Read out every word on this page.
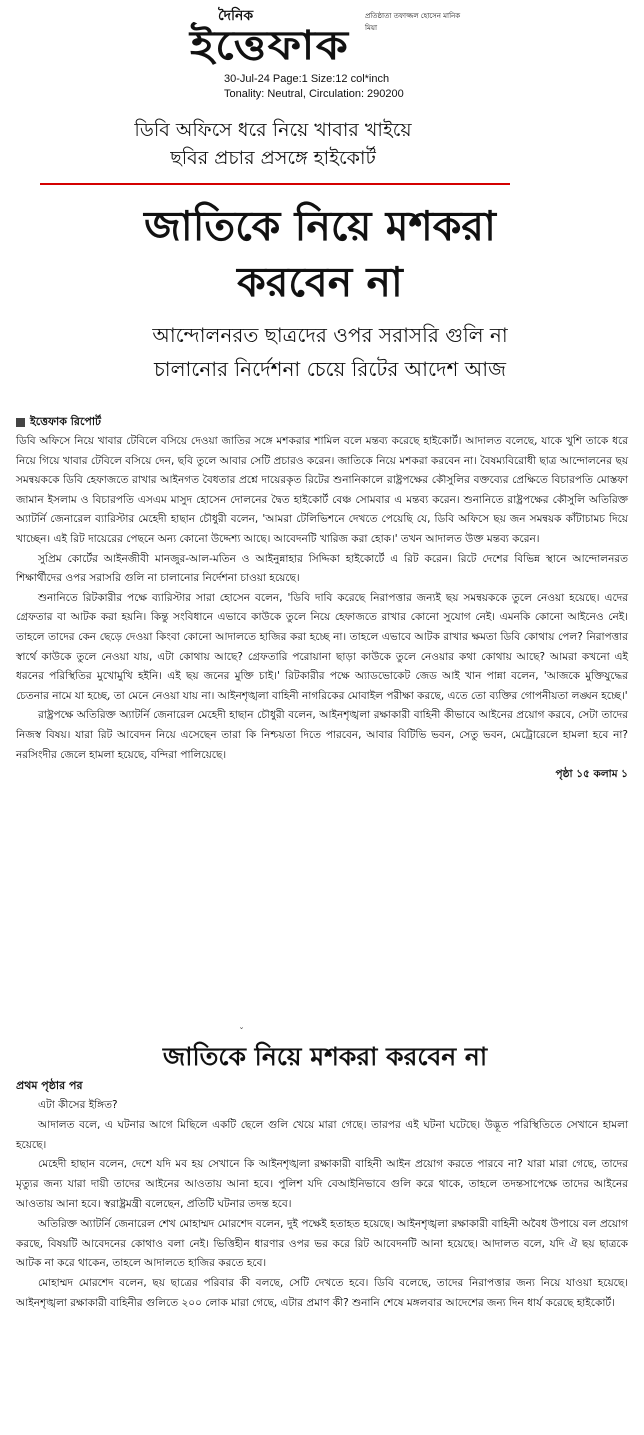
দৈনিক
ইত্তেফাক
প্রতিষ্ঠাতা তফাজ্জল হোসেন মানিক মিয়া
30-Jul-24 Page:1 Size:12 col*inch
Tonality: Neutral, Circulation: 290200
ডিবি অফিসে ধরে নিয়ে খাবার খাইয়ে
ছবির প্রচার প্রসঙ্গে হাইকোর্ট
জাতিকে নিয়ে মশকরা
করবেন না
আন্দোলনরত ছাত্রদের ওপর সরাসরি গুলি না
চালানোর নির্দেশনা চেয়ে রিটের আদেশ আজ
ইত্তেফাক রিপোর্ট

ডিবি অফিসে নিয়ে খাবার টেবিলে বসিয়ে দেওয়া জাতির সঙ্গে মশকরার শামিল বলে মন্তব্য করেছে হাইকোর্ট। আদালত বলেছে, যাকে খুশি তাকে ধরে নিয়ে গিয়ে খাবার টেবিলে বসিয়ে দেন, ছবি তুলে আবার সেটি প্রচারও করেন। জাতিকে নিয়ে মশকরা করবেন না। বৈষম্যবিরোধী ছাত্র আন্দোলনের ছয় সমন্বয়ককে ডিবি হেফাজতে রাখার আইনগত বৈধতার প্রশ্নে দায়েরকৃত রিটের শুনানিকালে রাষ্ট্রপক্ষের কৌসুলির বক্তব্যের প্রেক্ষিতে বিচারপতি মোস্তফা জামান ইসলাম ও বিচারপতি এসএম মাসুদ হোসেন দোলনের দ্বৈত হাইকোর্ট বেঞ্চ সোমবার এ মন্তব্য করেন। শুনানিতে রাষ্ট্রপক্ষের কৌসুলি অতিরিক্ত অ্যাটর্নি জেনারেল ব্যারিস্টার মেহেদী হাছান চৌধুরী বলেন, 'আমরা টেলিভিশনে দেখতে পেয়েছি যে, ডিবি অফিসে ছয় জন সমন্বয়ক কাঁটাচামচ দিয়ে খাচ্ছেন। এই রিট দায়েরের পেছনে অন্য কোনো উদ্দেশ্য আছে। আবেদনটি খারিজ করা হোক।' তখন আদালত উক্ত মন্তব্য করেন।

সুপ্রিম কোর্টের আইনজীবী মানজুর-আল-মতিন ও আইনুন্নাহার সিদ্দিকা হাইকোর্টে এ রিট করেন। রিটে দেশের বিভিন্ন স্থানে আন্দোলনরত শিক্ষার্থীদের ওপর সরাসরি গুলি না চালানোর নির্দেশনা চাওয়া হয়েছে।

শুনানিতে রিটকারীর পক্ষে ব্যারিস্টার সারা হোসেন বলেন, 'ডিবি দাবি করেছে নিরাপত্তার জন্যই ছয় সমন্বয়ককে তুলে নেওয়া হয়েছে। এদের গ্রেফতার বা আটক করা হয়নি। কিন্তু সংবিধানে এভাবে কাউকে তুলে নিয়ে হেফাজতে রাখার কোনো সুযোগ নেই। এমনকি কোনো আইনেও নেই। তাহলে তাদের কেন ছেড়ে দেওয়া কিংবা কোনো আদালতে হাজির করা হচ্ছে না। তাহলে এভাবে আটক রাখার ক্ষমতা ডিবি কোথায় পেল? নিরাপত্তার স্বার্থে কাউকে তুলে নেওয়া যায়, এটা কোথায় আছে? গ্রেফতারি পরোয়ানা ছাড়া কাউকে তুলে নেওয়ার কথা কোথায় আছে? আমরা কখনো এই ধরনের পরিস্থিতির মুখোমুখি হইনি। এই ছয় জনের মুক্তি চাই।' রিটকারীর পক্ষে অ্যাডভোকেট জেড আই খান পান্না বলেন, 'আজকে মুক্তিযুদ্ধের চেতনার নামে যা হচ্ছে, তা মেনে নেওয়া যায় না। আইনশৃঙ্খলা বাহিনী নাগরিকের মোবাইল পরীক্ষা করছে, এতে তো ব্যক্তির গোপনীয়তা লঙ্ঘন হচ্ছে।'

রাষ্ট্রপক্ষে অতিরিক্ত অ্যাটর্নি জেনারেল মেহেদী হাছান চৌধুরী বলেন, আইনশৃঙ্খলা রক্ষাকারী বাহিনী কীভাবে আইনের প্রয়োগ করবে, সেটা তাদের নিজস্ব বিষয়। যারা রিট আবেদন নিয়ে এসেছেন তারা কি নিশ্চয়তা দিতে পারবেন, আবার বিটিভি ভবন, সেতু ভবন, মেট্রোরেলে হামলা হবে না? নরসিংদীর জেলে হামলা হয়েছে, বন্দিরা পালিয়েছে।

পৃষ্ঠা ১৫ কলাম ১

ˇ
জাতিকে নিয়ে মশকরা করবেন না
প্রথম পৃষ্ঠার পর

এটা কীসের ইঙ্গিত?

আদালত বলে, এ ঘটনার আগে মিছিলে একটি ছেলে গুলি খেয়ে মারা গেছে। তারপর এই ঘটনা ঘটেছে। উদ্ভূত পরিস্থিতিতে সেখানে হামলা হয়েছে।

মেহেদী হাছান বলেন, দেশে যদি মব হয় সেখানে কি আইনশৃঙ্খলা রক্ষাকারী বাহিনী আইন প্রয়োগ করতে পারবে না? যারা মারা গেছে, তাদের মৃত্যুর জন্য যারা দায়ী তাদের আইনের আওতায় আনা হবে। পুলিশ যদি বেআইনিভাবে গুলি করে থাকে, তাহলে তদন্তসাপেক্ষে তাদের আইনের আওতায় আনা হবে। স্বরাষ্ট্রমন্ত্রী বলেছেন, প্রতিটি ঘটনার তদন্ত হবে।

অতিরিক্ত অ্যাটর্নি জেনারেল শেখ মোহাম্মদ মোরশেদ বলেন, দুই পক্ষেই হতাহত হয়েছে। আইনশৃঙ্খলা রক্ষাকারী বাহিনী অবৈধ উপায়ে বল প্রয়োগ করছে, বিষয়টি আবেদনের কোথাও বলা নেই। ভিত্তিহীন ধারণার ওপর ভর করে রিট আবেদনটি আনা হয়েছে। আদালত বলে, যদি ঐ ছয় ছাত্রকে আটক না করে থাকেন, তাহলে আদালতে হাজির করতে হবে।

মোহাম্মদ মোরশেদ বলেন, ছয় ছাত্রের পরিবার কী বলছে, সেটি দেখতে হবে। ডিবি বলেছে, তাদের নিরাপত্তার জন্য নিয়ে যাওয়া হয়েছে। আইনশৃঙ্খলা রক্ষাকারী বাহিনীর গুলিতে ২০০ লোক মারা গেছে, এটার প্রমাণ কী? শুনানি শেষে মঙ্গলবার আদেশের জন্য দিন ধার্য করেছে হাইকোর্ট।
